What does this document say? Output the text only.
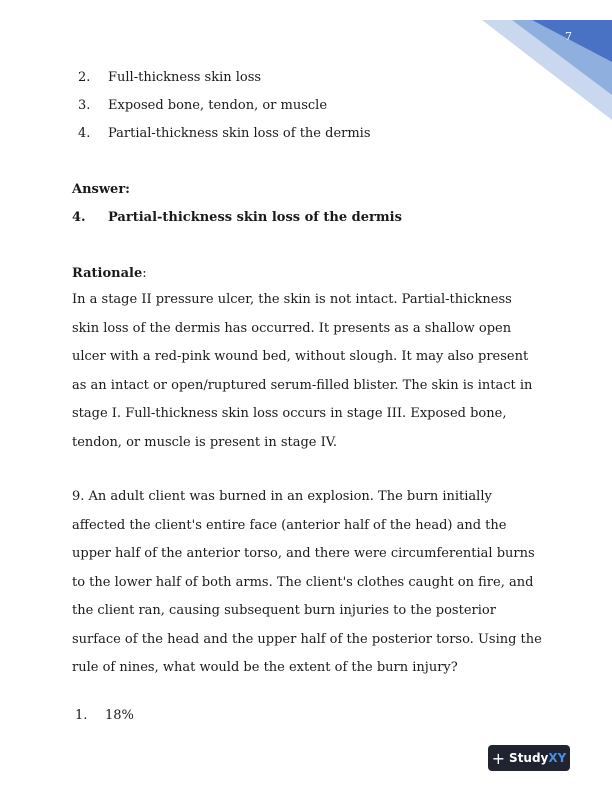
7
2. Full-thickness skin loss
3. Exposed bone, tendon, or muscle
4. Partial-thickness skin loss of the dermis
Answer:
4. Partial-thickness skin loss of the dermis
Rationale:

In a stage II pressure ulcer, the skin is not intact. Partial-thickness skin loss of the dermis has occurred. It presents as a shallow open ulcer with a red-pink wound bed, without slough. It may also present as an intact or open/ruptured serum-filled blister. The skin is intact in stage I. Full-thickness skin loss occurs in stage III. Exposed bone, tendon, or muscle is present in stage IV.

9. An adult client was burned in an explosion. The burn initially affected the client's entire face (anterior half of the head) and the upper half of the anterior torso, and there were circumferential burns to the lower half of both arms. The client's clothes caught on fire, and the client ran, causing subsequent burn injuries to the posterior surface of the head and the upper half of the posterior torso. Using the rule of nines, what would be the extent of the burn injury?

1. 18%
+ Study XY
